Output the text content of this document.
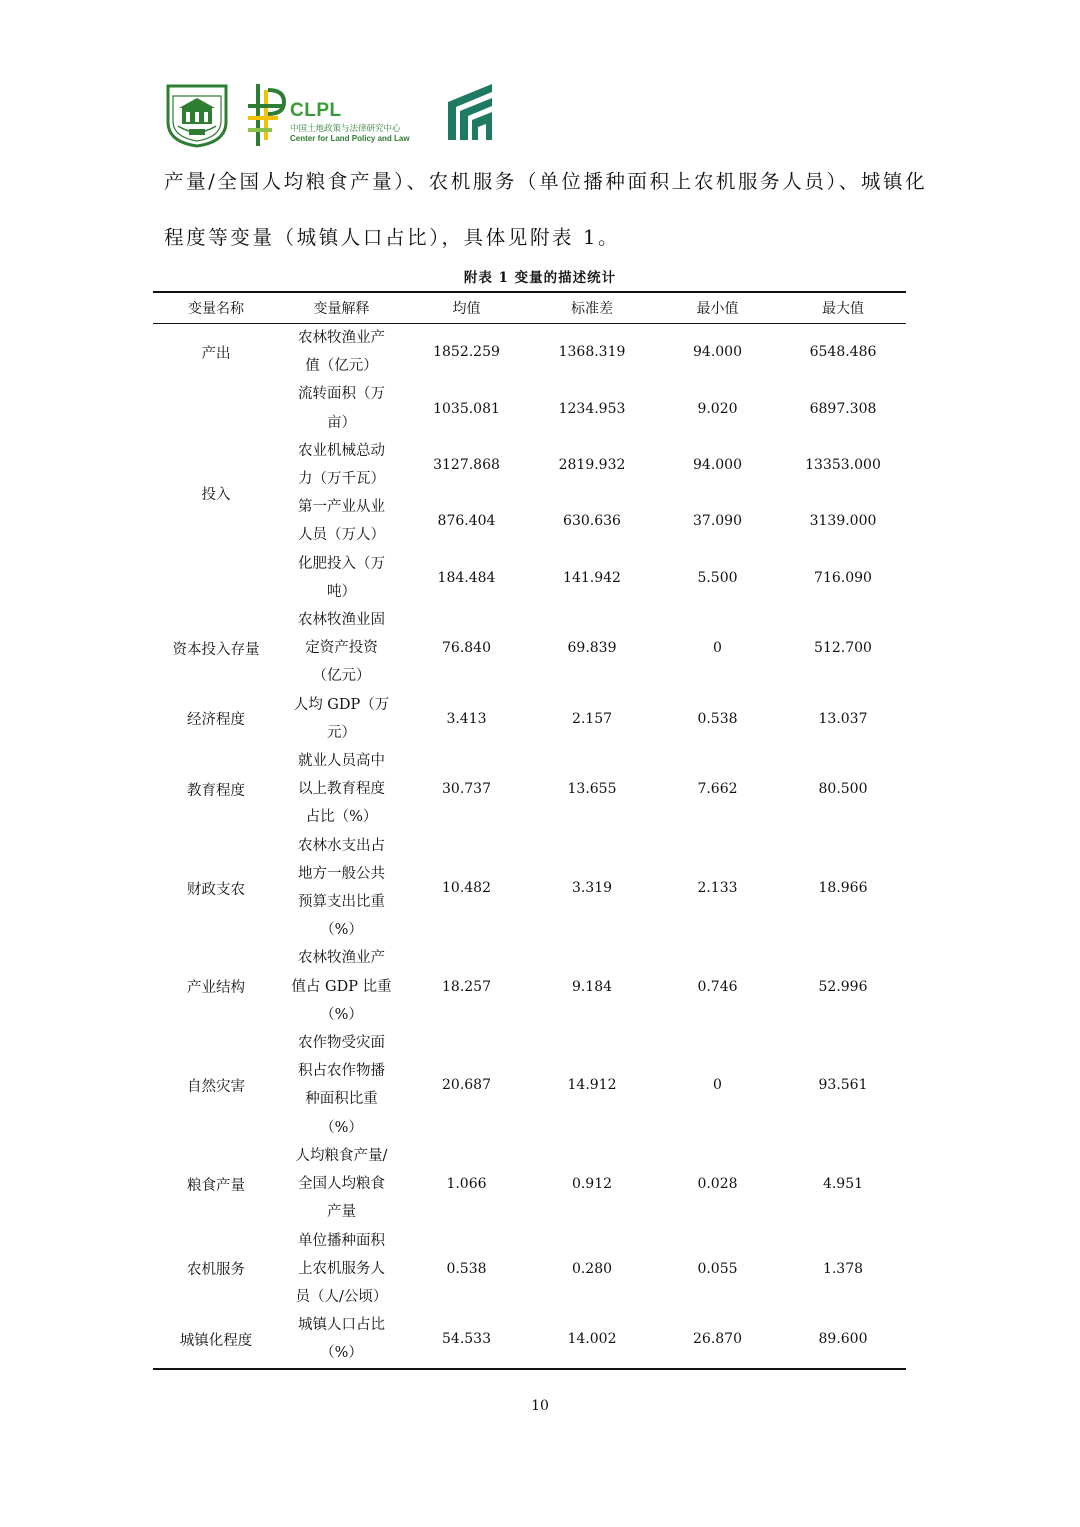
CLPL
中国土地政策与法律研究中心
Center for Land Policy and Law
产量/全国人均粮食产量）、农机服务（单位播种面积上农机服务人员）、城镇化
程度等变量（城镇人口占比），具体见附表 1。
附表 1 变量的描述统计
变量名称	变量解释	均值	标准差	最小值	最大值
产出	农林牧渔业产
值（亿元）	1852.259	1368.319	94.000	6548.486
投入	流转面积（万
亩）	1035.081	1234.953	9.020	6897.308

	农业机械总动
力（万千瓦）	3127.868	2819.932	94.000	13353.000

	第一产业从业
人员（万人）	876.404	630.636	37.090	3139.000

	化肥投入（万
吨）	184.484	141.942	5.500	716.090
资本投入存量	农林牧渔业固
定资产投资
（亿元）	76.840	69.839	0	512.700
经济程度	人均 GDP（万
元）	3.413	2.157	0.538	13.037
教育程度	就业人员高中
以上教育程度
占比（%）	30.737	13.655	7.662	80.500
财政支农	农林水支出占
地方一般公共
预算支出比重
（%）	10.482	3.319	2.133	18.966
产业结构	农林牧渔业产
值占 GDP 比重
（%）	18.257	9.184	0.746	52.996
自然灾害	农作物受灾面
积占农作物播
种面积比重
（%）	20.687	14.912	0	93.561
粮食产量	人均粮食产量/
全国人均粮食
产量	1.066	0.912	0.028	4.951
农机服务	单位播种面积
上农机服务人
员（人/公顷）	0.538	0.280	0.055	1.378
城镇化程度	城镇人口占比
（%）	54.533	14.002	26.870	89.600
10
